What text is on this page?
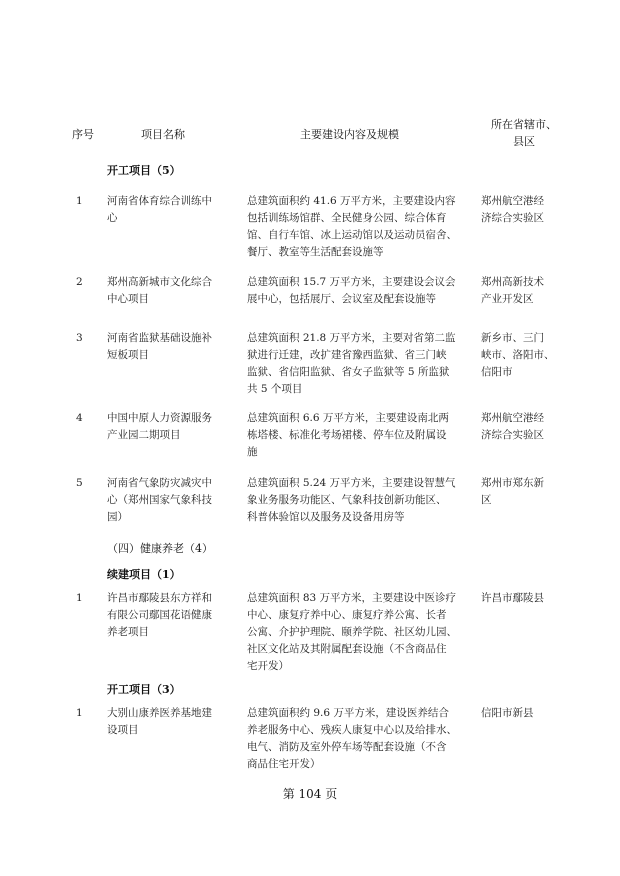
序号	项目名称	主要建设内容及规模
所在省辖市、
县区
开工项目（5）
1 河南省体育综合训练中
心
总建筑面积约 41.6 万平方米，主要建设内容
包括训练场馆群、全民健身公园、综合体育
馆、自行车馆、冰上运动馆以及运动员宿舍、
餐厅、教室等生活配套设施等
郑州航空港经
济综合实验区
2 郑州高新城市文化综合
中心项目
总建筑面积 15.7 万平方米，主要建设会议会
展中心，包括展厅、会议室及配套设施等
郑州高新技术
产业开发区
3 河南省监狱基础设施补
短板项目
总建筑面积 21.8 万平方米，主要对省第二监
狱进行迁建，改扩建省豫西监狱、省三门峡
监狱、省信阳监狱、省女子监狱等 5 所监狱
共 5 个项目
新乡市、三门
峡市、洛阳市、
信阳市
4 中国中原人力资源服务
产业园二期项目
总建筑面积 6.6 万平方米，主要建设南北两
栋塔楼、标准化考场裙楼、停车位及附属设
施
郑州航空港经
济综合实验区
5 河南省气象防灾减灾中
心（郑州国家气象科技
园）
总建筑面积 5.24 万平方米，主要建设智慧气
象业务服务功能区、气象科技创新功能区、
科普体验馆以及服务及设备用房等
郑州市郑东新
区
（四）健康养老（4）
续建项目（1）
1 许昌市鄢陵县东方祥和
有限公司鄢国花语健康
养老项目
总建筑面积 83 万平方米，主要建设中医诊疗
中心、康复疗养中心、康复疗养公寓、长者
公寓、介护护理院、颐养学院、社区幼儿园、
社区文化站及其附属配套设施（不含商品住
宅开发）
许昌市鄢陵县
开工项目（3）
1 大别山康养医养基地建
设项目
总建筑面积约 9.6 万平方米，建设医养结合
养老服务中心、残疾人康复中心以及给排水、
电气、消防及室外停车场等配套设施（不含
商品住宅开发）
信阳市新县
第 104 页
